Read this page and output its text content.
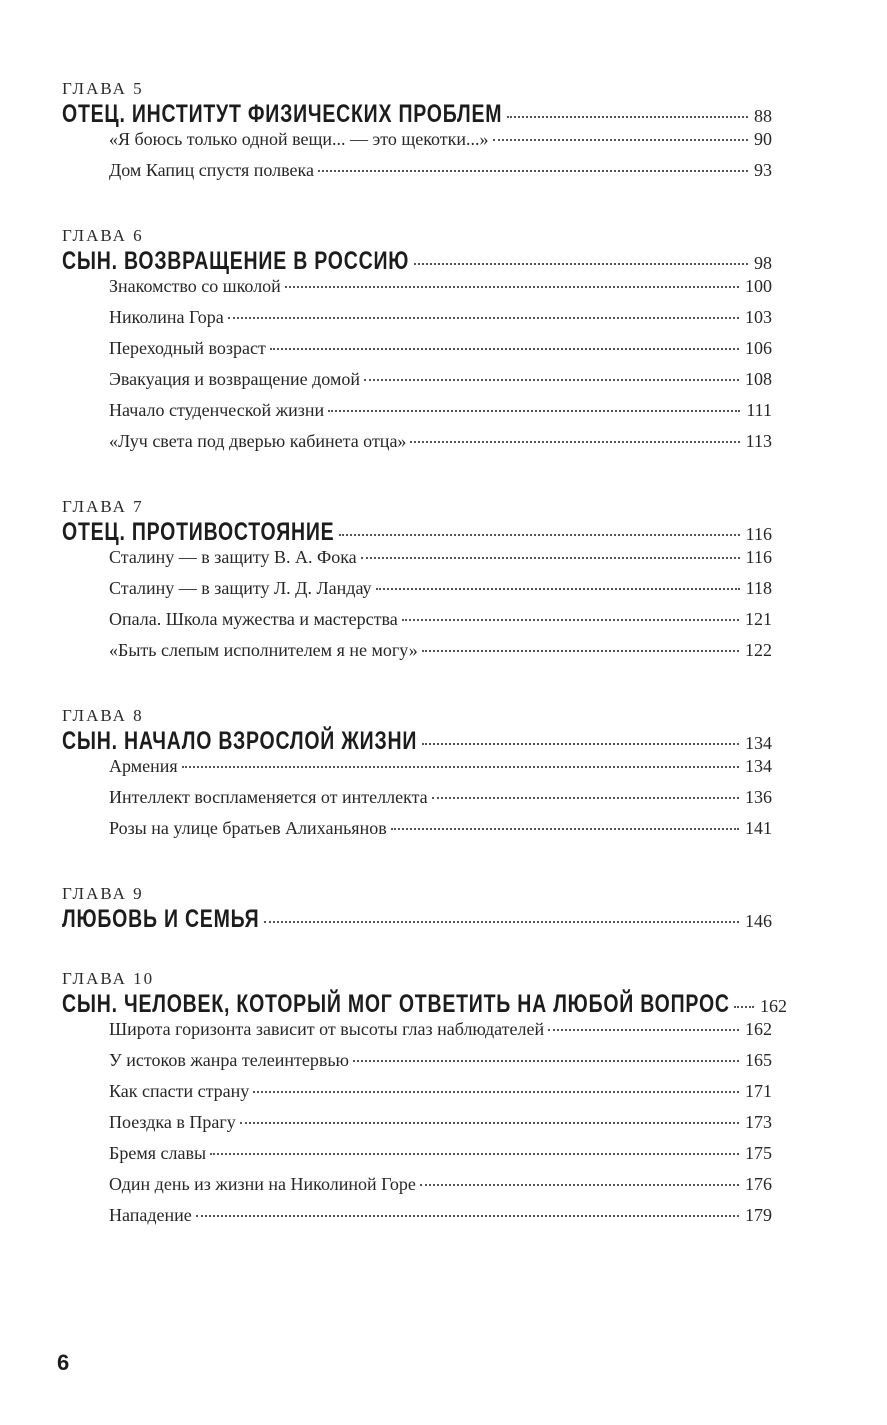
ГЛАВА 5
ОТЕЦ. ИНСТИТУТ ФИЗИЧЕСКИХ ПРОБЛЕМ	88
«Я боюсь только одной вещи... — это щекотки...»	90
Дом Капиц спустя полвека	93
ГЛАВА 6
СЫН. ВОЗВРАЩЕНИЕ В РОССИЮ	98
Знакомство со школой	100
Николина Гора	103
Переходный возраст	106
Эвакуация и возвращение домой	108
Начало студенческой жизни	111
«Луч света под дверью кабинета отца»	113
ГЛАВА 7
ОТЕЦ. ПРОТИВОСТОЯНИЕ	116
Сталину — в защиту В. А. Фока	116
Сталину — в защиту Л. Д. Ландау	118
Опала. Школа мужества и мастерства	121
«Быть слепым исполнителем я не могу»	122
ГЛАВА 8
СЫН. НАЧАЛО ВЗРОСЛОЙ ЖИЗНИ	134
Армения	134
Интеллект воспламеняется от интеллекта	136
Розы на улице братьев Алиханьянов	141
ГЛАВА 9
ЛЮБОВЬ И СЕМЬЯ	146
ГЛАВА 10
СЫН. ЧЕЛОВЕК, КОТОРЫЙ МОГ ОТВЕТИТЬ НА ЛЮБОЙ ВОПРОС 162
Широта горизонта зависит от высоты глаз наблюдателей	162
У истоков жанра телеинтервью	165
Как спасти страну	171
Поездка в Прагу	173
Бремя славы	175
Один день из жизни на Николиной Горе	176
Нападение	179
6
